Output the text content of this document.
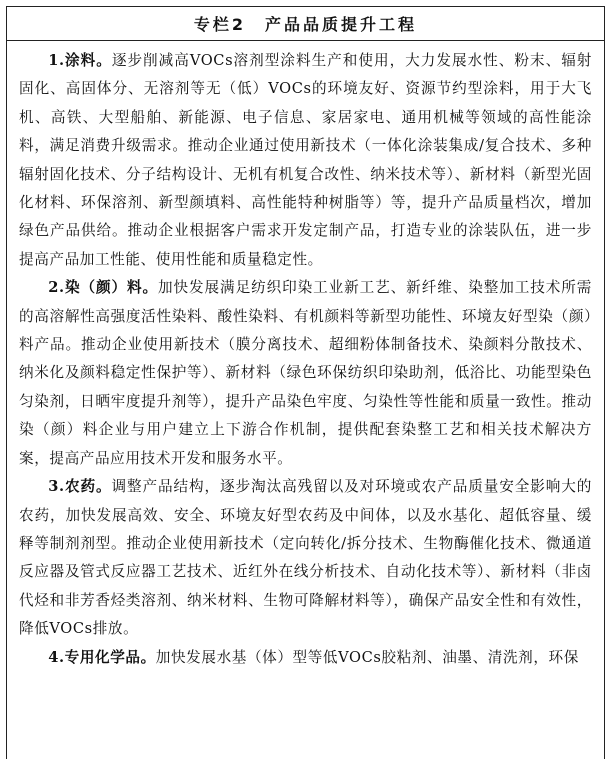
专栏2　产品品质提升工程

1.涂料。逐步削减高VOCs溶剂型涂料生产和使用，大力发展水性、粉末、辐射固化、高固体分、无溶剂等无（低）VOCs的环境友好、资源节约型涂料，用于大飞机、高铁、大型船舶、新能源、电子信息、家居家电、通用机械等领域的高性能涂料，满足消费升级需求。推动企业通过使用新技术（一体化涂装集成/复合技术、多种辐射固化技术、分子结构设计、无机有机复合改性、纳米技术等）、新材料（新型光固化材料、环保溶剂、新型颜填料、高性能特种树脂等）等，提升产品质量档次，增加绿色产品供给。推动企业根据客户需求开发定制产品，打造专业的涂装队伍，进一步提高产品加工性能、使用性能和质量稳定性。

2.染（颜）料。加快发展满足纺织印染工业新工艺、新纤维、染整加工技术所需的高溶解性高强度活性染料、酸性染料、有机颜料等新型功能性、环境友好型染（颜）料产品。推动企业使用新技术（膜分离技术、超细粉体制备技术、染颜料分散技术、纳米化及颜料稳定性保护等）、新材料（绿色环保纺织印染助剂，低浴比、功能型染色匀染剂，日晒牢度提升剂等），提升产品染色牢度、匀染性等性能和质量一致性。推动染（颜）料企业与用户建立上下游合作机制，提供配套染整工艺和相关技术解决方案，提高产品应用技术开发和服务水平。

3.农药。调整产品结构，逐步淘汰高残留以及对环境或农产品质量安全影响大的农药，加快发展高效、安全、环境友好型农药及中间体，以及水基化、超低容量、缓释等制剂剂型。推动企业使用新技术（定向转化/拆分技术、生物酶催化技术、微通道反应器及管式反应器工艺技术、近红外在线分析技术、自动化技术等）、新材料（非卤代烃和非芳香烃类溶剂、纳米材料、生物可降解材料等），确保产品安全性和有效性，降低VOCs排放。

4.专用化学品。加快发展水基（体）型等低VOCs胶粘剂、油墨、清洗剂，环保
